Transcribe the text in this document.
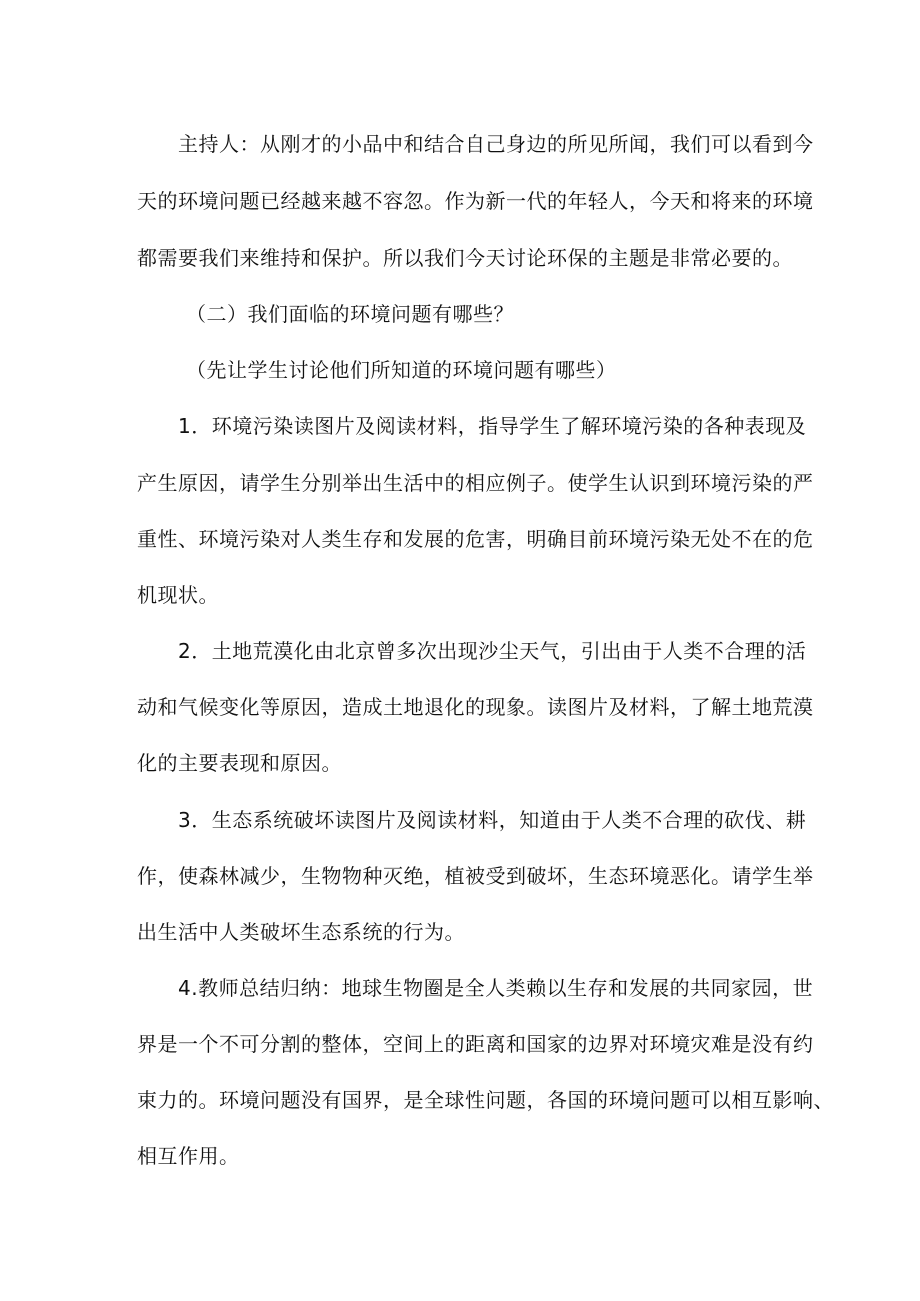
主持人：从刚才的小品中和结合自己身边的所见所闻，我们可以看到今
天的环境问题已经越来越不容忽。作为新一代的年轻人，今天和将来的环境
都需要我们来维持和保护。所以我们今天讨论环保的主题是非常必要的。
（二）我们面临的环境问题有哪些？
（先让学生讨论他们所知道的环境问题有哪些）
1．环境污染读图片及阅读材料，指导学生了解环境污染的各种表现及
产生原因，请学生分别举出生活中的相应例子。使学生认识到环境污染的严
重性、环境污染对人类生存和发展的危害，明确目前环境污染无处不在的危
机现状。
2．土地荒漠化由北京曾多次出现沙尘天气，引出由于人类不合理的活
动和气候变化等原因，造成土地退化的现象。读图片及材料，了解土地荒漠
化的主要表现和原因。
3．生态系统破坏读图片及阅读材料，知道由于人类不合理的砍伐、耕
作，使森林减少，生物物种灭绝，植被受到破坏，生态环境恶化。请学生举
出生活中人类破坏生态系统的行为。
4.教师总结归纳：地球生物圈是全人类赖以生存和发展的共同家园，世
界是一个不可分割的整体，空间上的距离和国家的边界对环境灾难是没有约
束力的。环境问题没有国界，是全球性问题，各国的环境问题可以相互影响、
相互作用。
